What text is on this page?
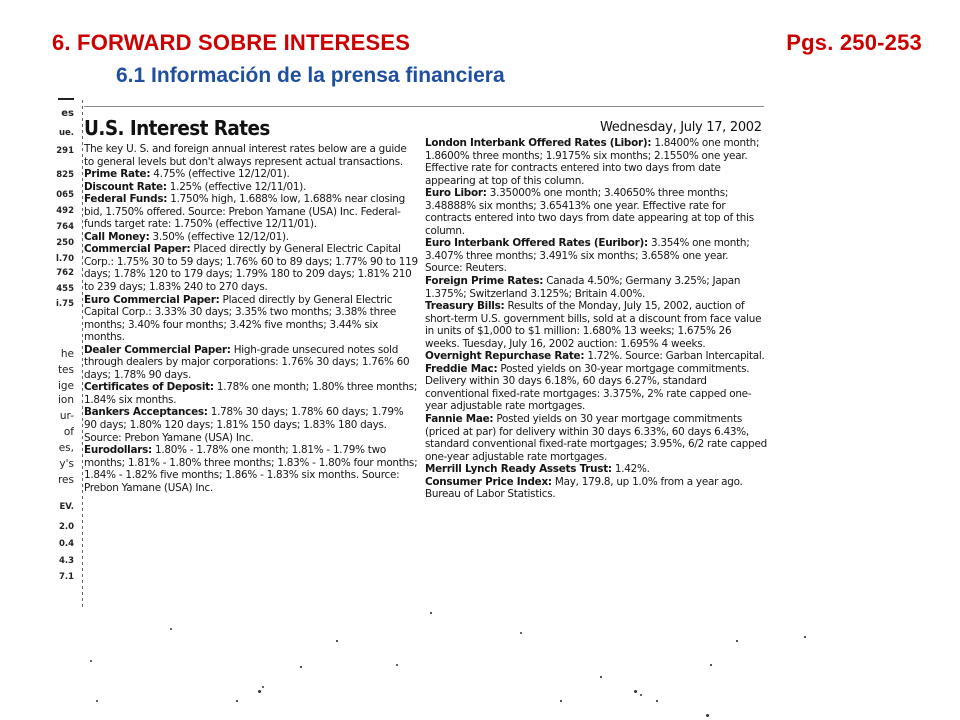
6. FORWARD SOBRE INTERESES	Pgs. 250-253
6.1 Información de la prensa financiera
es
ue.
291
825
065
492
764
250
l.70
762
455
i.75
he
tes
ige
ion
ur-
of
es,
y's
res
EV.
2.0
0.4
4.3
7.1
U.S. Interest Rates	Wednesday, July 17, 2002

The key U. S. and foreign annual interest rates below are a guide to general levels but don't always represent actual transactions.

Prime Rate: 4.75% (effective 12/12/01).

Discount Rate: 1.25% (effective 12/11/01).

Federal Funds: 1.750% high, 1.688% low, 1.688% near closing bid, 1.750% offered. Source: Prebon Yamane (USA) Inc. Federal-funds target rate: 1.750% (effective 12/11/01).

Call Money: 3.50% (effective 12/12/01).

Commercial Paper: Placed directly by General Electric Capital Corp.: 1.75% 30 to 59 days; 1.76% 60 to 89 days; 1.77% 90 to 119 days; 1.78% 120 to 179 days; 1.79% 180 to 209 days; 1.81% 210 to 239 days; 1.83% 240 to 270 days.

Euro Commercial Paper: Placed directly by General Electric Capital Corp.: 3.33% 30 days; 3.35% two months; 3.38% three months; 3.40% four months; 3.42% five months; 3.44% six months.

Dealer Commercial Paper: High-grade unsecured notes sold through dealers by major corporations: 1.76% 30 days; 1.76% 60 days; 1.78% 90 days.

Certificates of Deposit: 1.78% one month; 1.80% three months; 1.84% six months.

Bankers Acceptances: 1.78% 30 days; 1.78% 60 days; 1.79% 90 days; 1.80% 120 days; 1.81% 150 days; 1.83% 180 days. Source: Prebon Yamane (USA) Inc.

Eurodollars: 1.80% - 1.78% one month; 1.81% - 1.79% two months; 1.81% - 1.80% three months; 1.83% - 1.80% four months; 1.84% - 1.82% five months; 1.86% - 1.83% six months. Source: Prebon Yamane (USA) Inc.

London Interbank Offered Rates (Libor): 1.8400% one month; 1.8600% three months; 1.9175% six months; 2.1550% one year. Effective rate for contracts entered into two days from date appearing at top of this column.

Euro Libor: 3.35000% one month; 3.40650% three months; 3.48888% six months; 3.65413% one year. Effective rate for contracts entered into two days from date appearing at top of this column.

Euro Interbank Offered Rates (Euribor): 3.354% one month; 3.407% three months; 3.491% six months; 3.658% one year. Source: Reuters.

Foreign Prime Rates: Canada 4.50%; Germany 3.25%; Japan 1.375%; Switzerland 3.125%; Britain 4.00%.

Treasury Bills: Results of the Monday, July 15, 2002, auction of short-term U.S. government bills, sold at a discount from face value in units of $1,000 to $1 million: 1.680% 13 weeks; 1.675% 26 weeks. Tuesday, July 16, 2002 auction: 1.695% 4 weeks.

Overnight Repurchase Rate: 1.72%. Source: Garban Intercapital.

Freddie Mac: Posted yields on 30-year mortgage commitments. Delivery within 30 days 6.18%, 60 days 6.27%, standard conventional fixed-rate mortgages: 3.375%, 2% rate capped one-year adjustable rate mortgages.

Fannie Mae: Posted yields on 30 year mortgage commitments (priced at par) for delivery within 30 days 6.33%, 60 days 6.43%, standard conventional fixed-rate mortgages; 3.95%, 6/2 rate capped one-year adjustable rate mortgages.

Merrill Lynch Ready Assets Trust: 1.42%.

Consumer Price Index: May, 179.8, up 1.0% from a year ago. Bureau of Labor Statistics.
